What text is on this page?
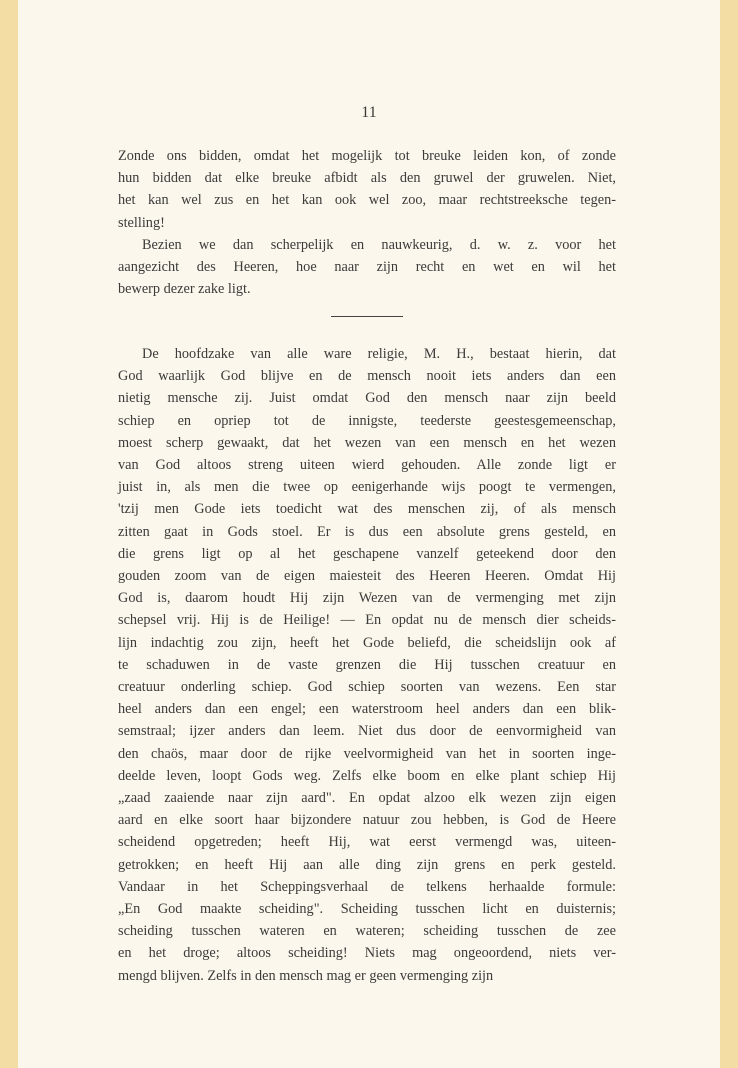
11
Zonde ons bidden, omdat het mogelijk tot breuke leiden kon, of zonde
hun bidden dat elke breuke afbidt als den gruwel der gruwelen. Niet,
het kan wel zus en het kan ook wel zoo, maar rechtstreeksche tegen-
stelling!
Bezien we dan scherpelijk en nauwkeurig, d. w. z. voor het
aangezicht des Heeren, hoe naar zijn recht en wet en wil het
bewerp dezer zake ligt.
De hoofdzake van alle ware religie, M. H., bestaat hierin, dat
God waarlijk God blijve en de mensch nooit iets anders dan een
nietig mensche zij. Juist omdat God den mensch naar zijn beeld
schiep en opriep tot de innigste, teederste geestesgemeenschap,
moest scherp gewaakt, dat het wezen van een mensch en het wezen
van God altoos streng uiteen wierd gehouden. Alle zonde ligt er
juist in, als men die twee op eenigerhande wijs poogt te vermengen,
'tzij men Gode iets toedicht wat des menschen zij, of als mensch
zitten gaat in Gods stoel. Er is dus een absolute grens gesteld, en
die grens ligt op al het geschapene vanzelf geteekend door den
gouden zoom van de eigen maiesteit des Heeren Heeren. Omdat Hij
God is, daarom houdt Hij zijn Wezen van de vermenging met zijn
schepsel vrij. Hij is de Heilige! — En opdat nu de mensch dier scheids-
lijn indachtig zou zijn, heeft het Gode beliefd, die scheidslijn ook af
te schaduwen in de vaste grenzen die Hij tusschen creatuur en
creatuur onderling schiep. God schiep soorten van wezens. Een star
heel anders dan een engel; een waterstroom heel anders dan een blik-
semstraal; ijzer anders dan leem. Niet dus door de eenvormigheid van
den chaös, maar door de rijke veelvormigheid van het in soorten inge-
deelde leven, loopt Gods weg. Zelfs elke boom en elke plant schiep Hij
„zaad zaaiende naar zijn aard". En opdat alzoo elk wezen zijn eigen
aard en elke soort haar bijzondere natuur zou hebben, is God de Heere
scheidend opgetreden; heeft Hij, wat eerst vermengd was, uiteen-
getrokken; en heeft Hij aan alle ding zijn grens en perk gesteld.
Vandaar in het Scheppingsverhaal de telkens herhaalde formule:
„En God maakte scheiding". Scheiding tusschen licht en duisternis;
scheiding tusschen wateren en wateren; scheiding tusschen de zee
en het droge; altoos scheiding! Niets mag ongeoordend, niets ver-
mengd blijven. Zelfs in den mensch mag er geen vermenging zijn
